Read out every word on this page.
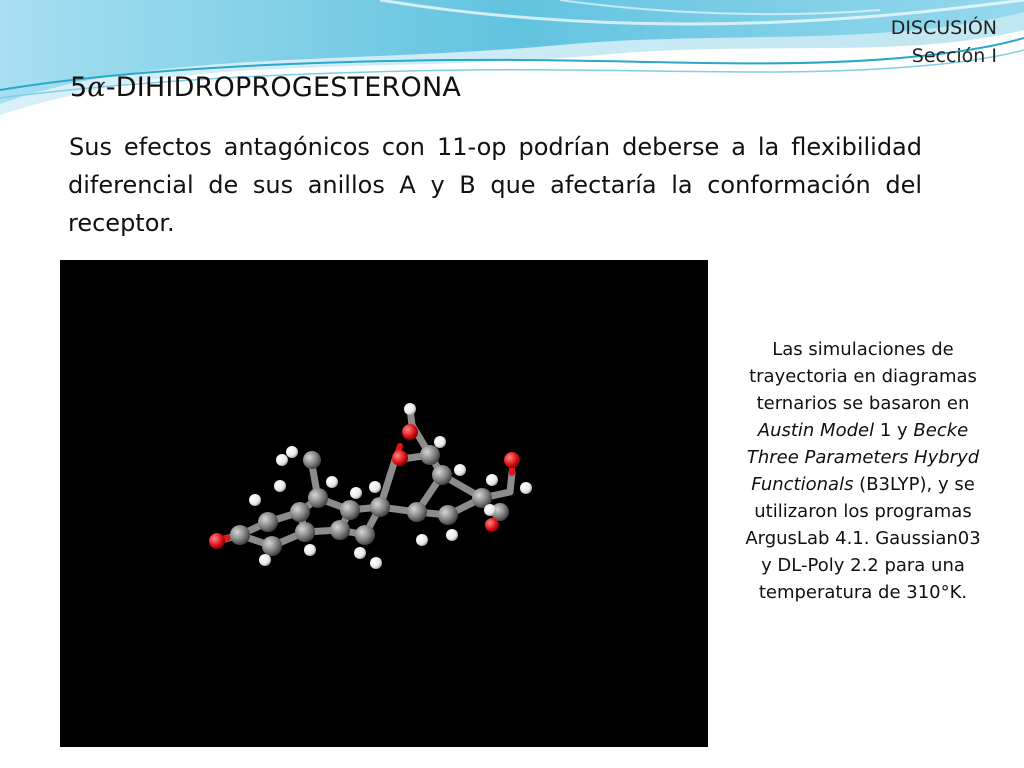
DISCUSIÓN
Sección I
5α-DIHIDROPROGESTERONA
Sus efectos antagónicos con 11-op podrían deberse a la flexibilidad diferencial de sus anillos A y B que afectaría la conformación del receptor.
Las simulaciones de trayectoria en diagramas ternarios se basaron en Austin Model 1 y Becke Three Parameters Hybryd Functionals (B3LYP), y se utilizaron los programas ArgusLab 4.1. Gaussian03 y DL-Poly 2.2 para una temperatura de 310°K.
